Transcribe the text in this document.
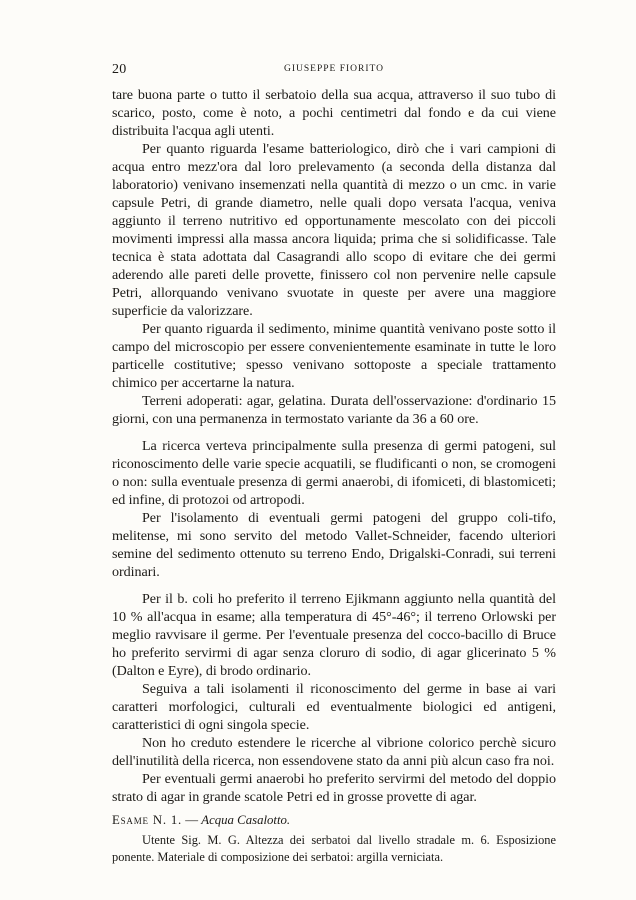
20	GIUSEPPE FIORITO

tare buona parte o tutto il serbatoio della sua acqua, attraverso il suo tubo di scarico, posto, come è noto, a pochi centimetri dal fondo e da cui viene distribuita l'acqua agli utenti.

Per quanto riguarda l'esame batteriologico, dirò che i vari campioni di acqua entro mezz'ora dal loro prelevamento (a seconda della distanza dal laboratorio) venivano insemenzati nella quantità di mezzo o un cmc. in varie capsule Petri, di grande diametro, nelle quali dopo versata l'acqua, veniva aggiunto il terreno nutritivo ed opportunamente mescolato con dei piccoli movimenti impressi alla massa ancora liquida; prima che si solidificasse. Tale tecnica è stata adottata dal Casagrandi allo scopo di evitare che dei germi aderendo alle pareti delle provette, finissero col non pervenire nelle capsule Petri, allorquando venivano svuotate in queste per avere una maggiore superficie da valorizzare.

Per quanto riguarda il sedimento, minime quantità venivano poste sotto il campo del microscopio per essere convenientemente esaminate in tutte le loro particelle costitutive; spesso venivano sottoposte a speciale trattamento chimico per accertarne la natura.

Terreni adoperati: agar, gelatina. Durata dell'osservazione: d'ordinario 15 giorni, con una permanenza in termostato variante da 36 a 60 ore.

La ricerca verteva principalmente sulla presenza di germi patogeni, sul riconoscimento delle varie specie acquatili, se fludificanti o non, se cromogeni o non: sulla eventuale presenza di germi anaerobi, di ifomiceti, di blastomiceti; ed infine, di protozoi od artropodi.

Per l'isolamento di eventuali germi patogeni del gruppo coli-tifo, melitense, mi sono servito del metodo Vallet-Schneider, facendo ulteriori semine del sedimento ottenuto su terreno Endo, Drigalski-Conradi, sui terreni ordinari.

Per il b. coli ho preferito il terreno Ejikmann aggiunto nella quantità del 10 % all'acqua in esame; alla temperatura di 45°-46°; il terreno Orlowski per meglio ravvisare il germe. Per l'eventuale presenza del cocco-bacillo di Bruce ho preferito servirmi di agar senza cloruro di sodio, di agar glicerinato 5 % (Dalton e Eyre), di brodo ordinario.

Seguiva a tali isolamenti il riconoscimento del germe in base ai vari caratteri morfologici, culturali ed eventualmente biologici ed antigeni, caratteristici di ogni singola specie.

Non ho creduto estendere le ricerche al vibrione colorico perchè sicuro dell'inutilità della ricerca, non essendovene stato da anni più alcun caso fra noi.

Per eventuali germi anaerobi ho preferito servirmi del metodo del doppio strato di agar in grande scatole Petri ed in grosse provette di agar.

Esame N. 1. — Acqua Casalotto.

Utente Sig. M. G. Altezza dei serbatoi dal livello stradale m. 6. Esposizione ponente. Materiale di composizione dei serbatoi: argilla verniciata.
